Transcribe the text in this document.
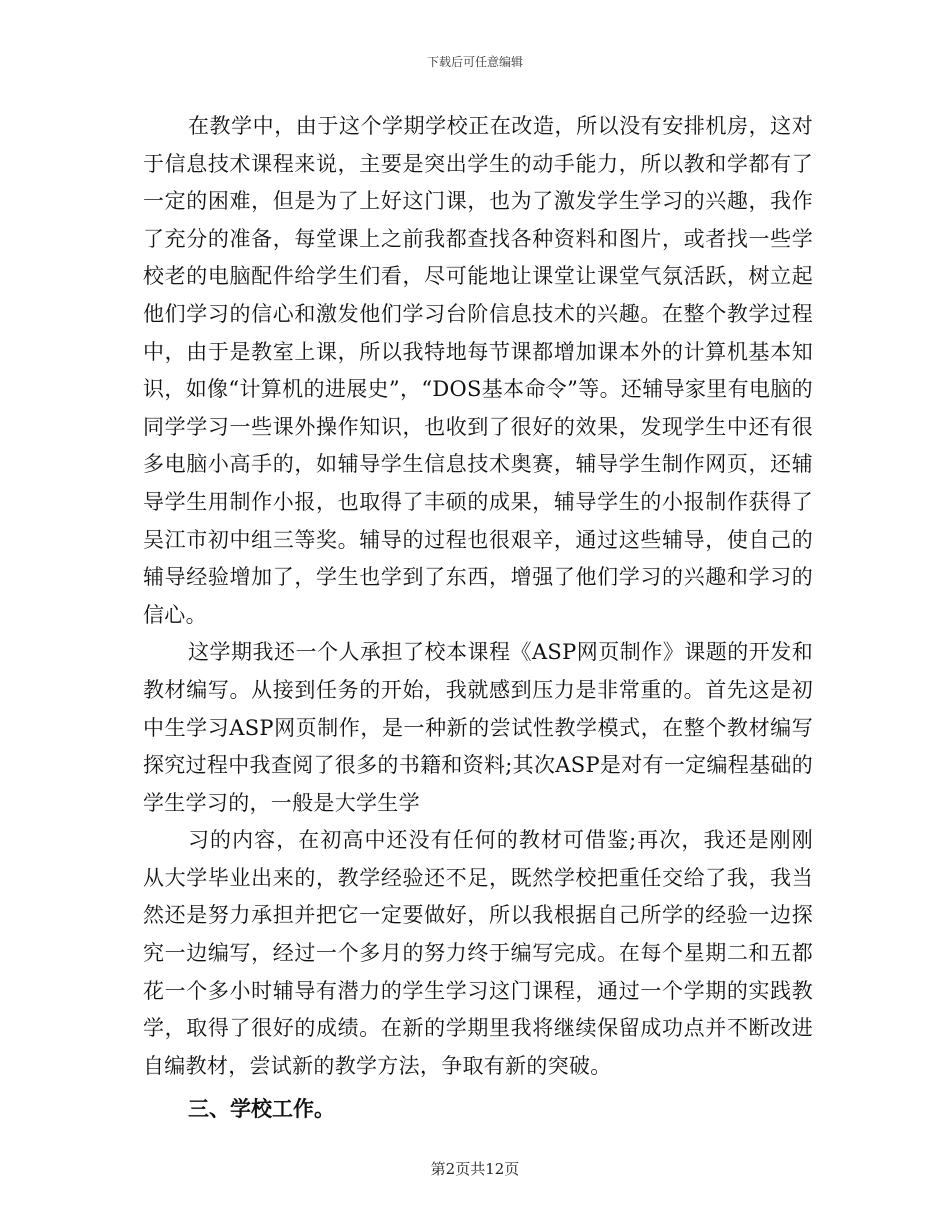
下载后可任意编辑

在教学中，由于这个学期学校正在改造，所以没有安排机房，这对于信息技术课程来说，主要是突出学生的动手能力，所以教和学都有了一定的困难，但是为了上好这门课，也为了激发学生学习的兴趣，我作了充分的准备，每堂课上之前我都查找各种资料和图片，或者找一些学校老的电脑配件给学生们看，尽可能地让课堂让课堂气氛活跃，树立起他们学习的信心和激发他们学习台阶信息技术的兴趣。在整个教学过程中，由于是教室上课，所以我特地每节课都增加课本外的计算机基本知识，如像“计算机的进展史”，“DOS基本命令”等。还辅导家里有电脑的同学学习一些课外操作知识，也收到了很好的效果，发现学生中还有很多电脑小高手的，如辅导学生信息技术奥赛，辅导学生制作网页，还辅导学生用制作小报，也取得了丰硕的成果，辅导学生的小报制作获得了吴江市初中组三等奖。辅导的过程也很艰辛，通过这些辅导，使自己的辅导经验增加了，学生也学到了东西，增强了他们学习的兴趣和学习的信心。

这学期我还一个人承担了校本课程《ASP网页制作》课题的开发和教材编写。从接到任务的开始，我就感到压力是非常重的。首先这是初中生学习ASP网页制作，是一种新的尝试性教学模式，在整个教材编写探究过程中我查阅了很多的书籍和资料;其次ASP是对有一定编程基础的学生学习的，一般是大学生学

习的内容，在初高中还没有任何的教材可借鉴;再次，我还是刚刚从大学毕业出来的，教学经验还不足，既然学校把重任交给了我，我当然还是努力承担并把它一定要做好，所以我根据自己所学的经验一边探究一边编写，经过一个多月的努力终于编写完成。在每个星期二和五都花一个多小时辅导有潜力的学生学习这门课程，通过一个学期的实践教学，取得了很好的成绩。在新的学期里我将继续保留成功点并不断改进自编教材，尝试新的教学方法，争取有新的突破。

三、学校工作。

第2页共12页
